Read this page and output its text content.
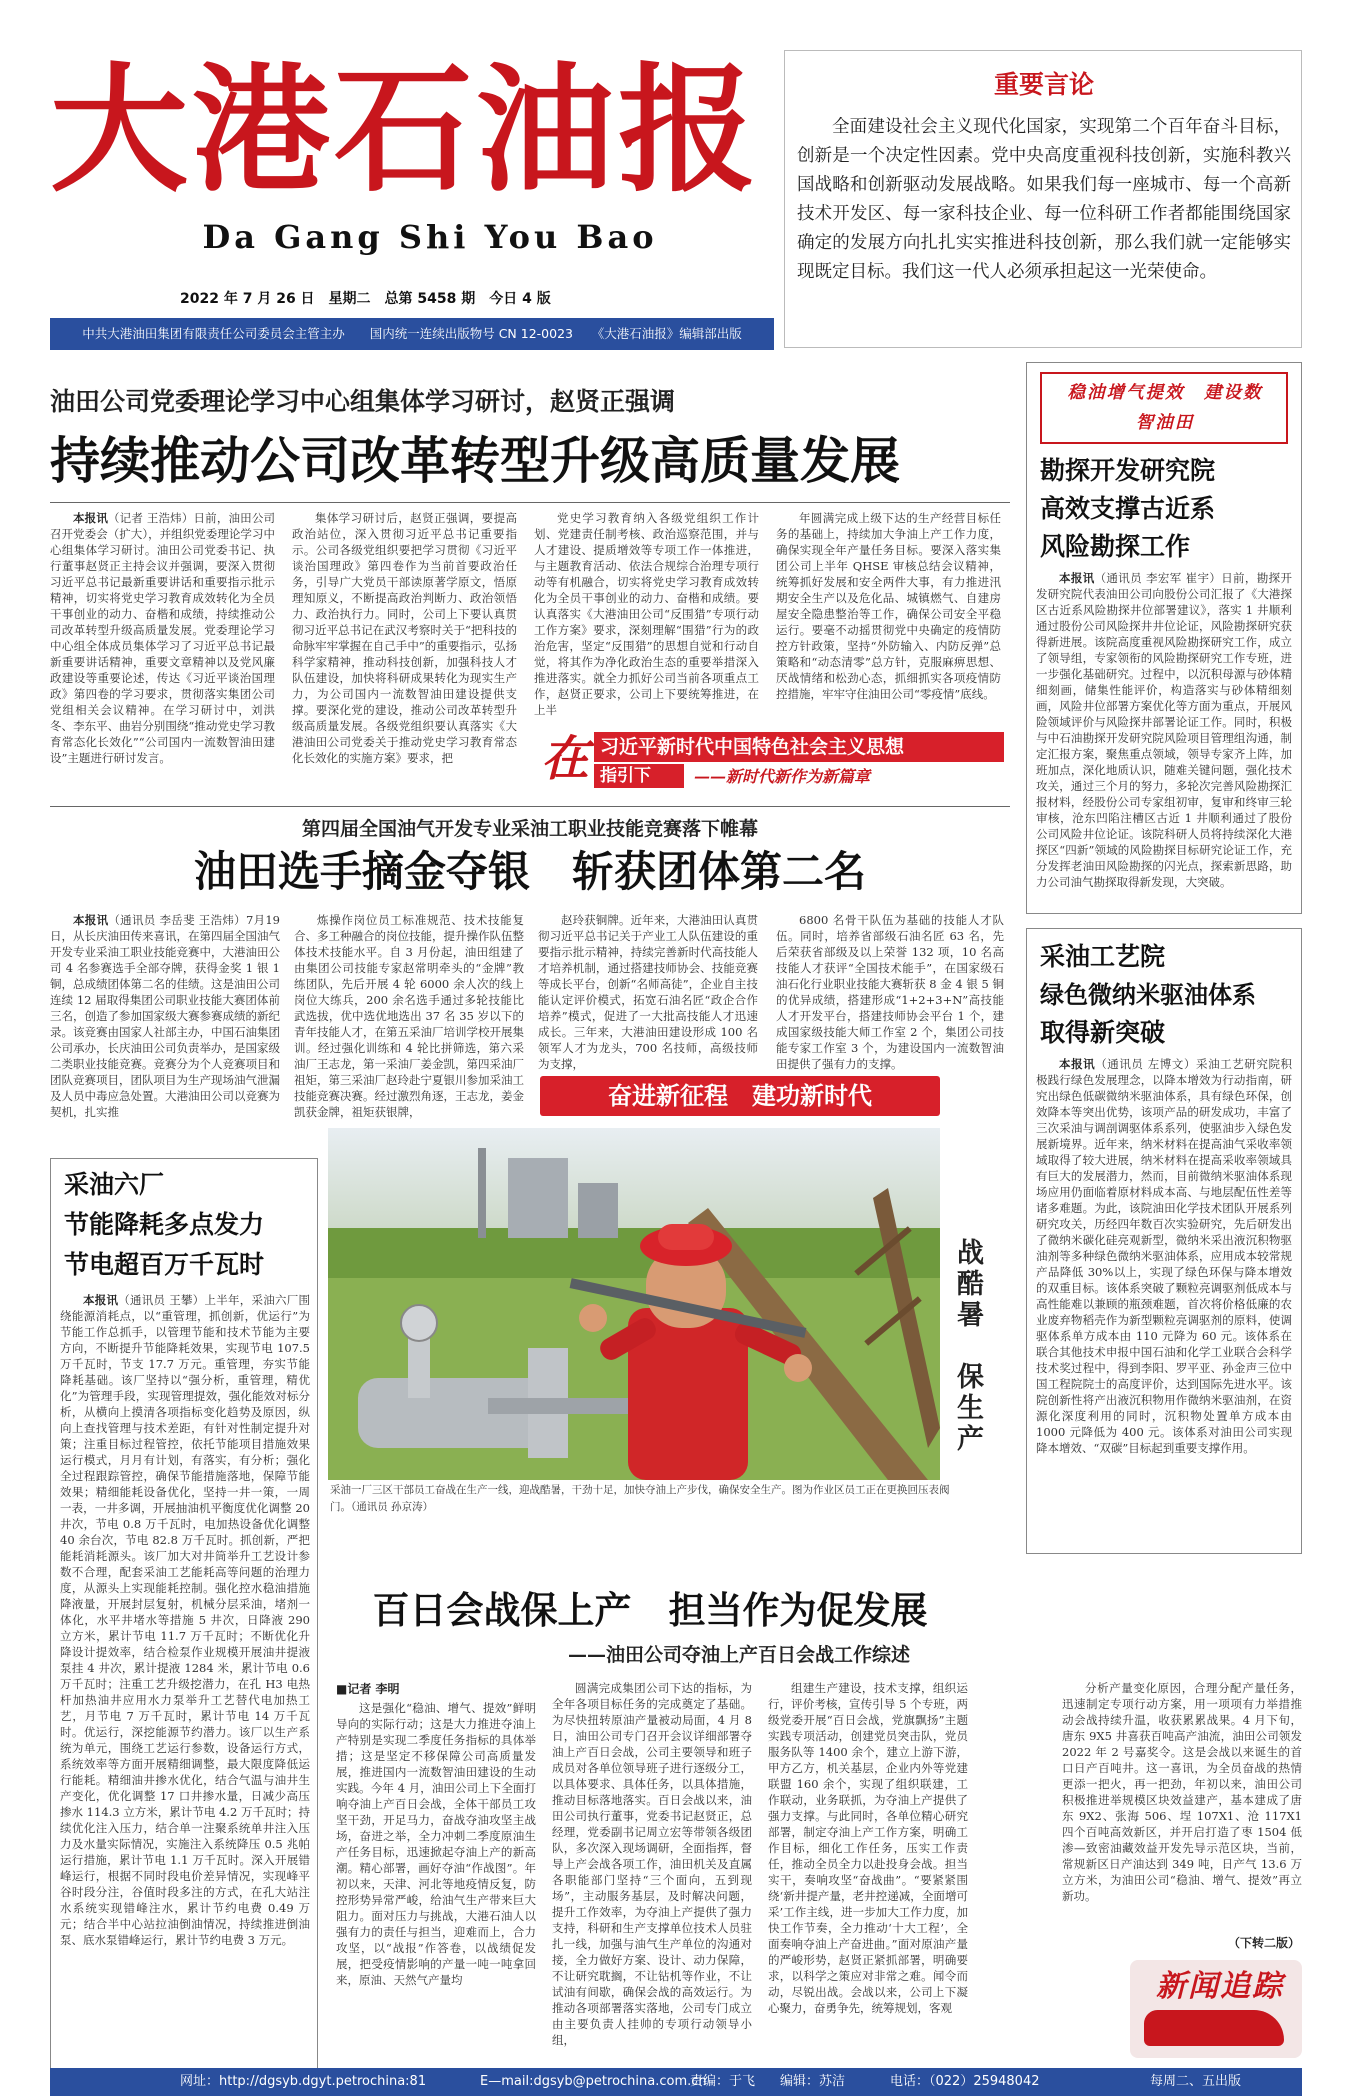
大港石油报
Da Gang Shi You Bao
2022 年 7 月 26 日　星期二　总第 5458 期　今日 4 版
中共大港油田集团有限责任公司委员会主管主办　　国内统一连续出版物号 CN 12-0023　　《大港石油报》编辑部出版
重要言论
全面建设社会主义现代化国家，实现第二个百年奋斗目标，创新是一个决定性因素。党中央高度重视科技创新，实施科教兴国战略和创新驱动发展战略。如果我们每一座城市、每一个高新技术开发区、每一家科技企业、每一位科研工作者都能围绕国家确定的发展方向扎扎实实推进科技创新，那么我们就一定能够实现既定目标。我们这一代人必须承担起这一光荣使命。
油田公司党委理论学习中心组集体学习研讨，赵贤正强调
持续推动公司改革转型升级高质量发展
本报讯（记者 王浩炜）日前，油田公司召开党委会（扩大），并组织党委理论学习中心组集体学习研讨。油田公司党委书记、执行董事赵贤正主持会议并强调，要深入贯彻习近平总书记最新重要讲话和重要指示批示精神，切实将党史学习教育成效转化为全员干事创业的动力、奋楷和成绩，持续推动公司改革转型升级高质量发展。党委理论学习中心组全体成员集体学习了习近平总书记最新重要讲话精神，重要文章精神以及党风廉政建设等重要论述，传达《习近平谈治国理政》第四卷的学习要求，贯彻落实集团公司党组相关会议精神。在学习研讨中，刘洪冬、李东平、曲岩分别围绕“推动党史学习教育常态化长效化”“公司国内一流数智油田建设”主题进行研讨发言。
集体学习研讨后，赵贤正强调，要提高政治站位，深入贯彻习近平总书记重要指示。公司各级党组织要把学习贯彻《习近平谈治国理政》第四卷作为当前首要政治任务，引导广大党员干部读原著学原文，悟原理知原义，不断提高政治判断力、政治领悟力、政治执行力。同时，公司上下要认真贯彻习近平总书记在武汉考察时关于“把科技的命脉牢牢掌握在自己手中”的重要指示，弘扬科学家精神，推动科技创新，加强科技人才队伍建设，加快将科研成果转化为现实生产力，为公司国内一流数智油田建设提供支撑。要深化党的建设，推动公司改革转型升级高质量发展。各级党组织要认真落实《大港油田公司党委关于推动党史学习教育常态化长效化的实施方案》要求，把
党史学习教育纳入各级党组织工作计划、党建责任制考核、政治巡察范围，并与人才建设、提质增效等专项工作一体推进，与主题教育活动、依法合规综合治理专项行动等有机融合，切实将党史学习教育成效转化为全员干事创业的动力、奋楷和成绩。要认真落实《大港油田公司“反围猎”专项行动工作方案》要求，深刻理解“围猎”行为的政治危害，坚定“反围猎”的思想自觉和行动自觉，将其作为净化政治生态的重要举措深入推进落实。就全力抓好公司当前各项重点工作，赵贤正要求，公司上下要统筹推进，在上半
年圆满完成上级下达的生产经营目标任务的基础上，持续加大争油上产工作力度，确保实现全年产量任务目标。要深入落实集团公司上半年 QHSE 审核总结会议精神，统筹抓好发展和安全两件大事，有力推进汛期安全生产以及危化品、城镇燃气、自建房屋安全隐患整治等工作，确保公司安全平稳运行。要毫不动摇贯彻党中央确定的疫情防控方针政策，坚持“外防输入、内防反弹”总策略和“动态清零”总方针，克服麻痹思想、厌战情绪和松劲心态，抓细抓实各项疫情防控措施，牢牢守住油田公司“零疫情”底线。
在 习近平新时代中国特色社会主义思想
指引下	——新时代新作为新篇章
第四届全国油气开发专业采油工职业技能竞赛落下帷幕
油田选手摘金夺银　斩获团体第二名
本报讯（通讯员 李岳斐 王浩炜）7月19日，从长庆油田传来喜讯，在第四届全国油气开发专业采油工职业技能竞赛中，大港油田公司 4 名参赛选手全部夺牌，获得金奖 1 银 1 铜，总成绩团体第二名的佳绩。这是油田公司连续 12 届取得集团公司职业技能大赛团体前三名，创造了参加国家级大赛参赛成绩的新纪录。该竞赛由国家人社部主办，中国石油集团公司承办，长庆油田公司负责举办，是国家级二类职业技能竞赛。竞赛分为个人竞赛项目和团队竞赛项目，团队项目为生产现场油气泄漏及人员中毒应急处置。大港油田公司以竞赛为契机，扎实推
炼操作岗位员工标准规范、技术技能复合、多工种融合的岗位技能，提升操作队伍整体技术技能水平。自 3 月份起，油田组建了由集团公司技能专家赵常明牵头的“金牌”教练团队，先后开展 4 轮 6000 余人次的线上岗位大练兵，200 余名选手通过多轮技能比武选拔，优中选优地选出 37 名 35 岁以下的青年技能人才，在第五采油厂培训学校开展集训。经过强化训练和 4 轮比拼筛选，第六采油厂王志龙，第一采油厂姜金凯，第四采油厂祖矩，第三采油厂赵玲赴宁夏银川参加采油工技能竞赛决赛。经过激烈角逐，王志龙，姜金凯获金牌，祖矩获银牌，
赵玲获铜牌。近年来，大港油田认真贯彻习近平总书记关于产业工人队伍建设的重要指示批示精神，持续完善新时代高技能人才培养机制，通过搭建技师协会、技能竞赛等成长平台，创新“名师高徒”，企业自主技能认定评价模式，拓宽石油名匠“政企合作培养”模式，促进了一大批高技能人才迅速成长。三年来，大港油田建设形成 100 名领军人才为龙头，700 名技师，高级技师为支撑，
6800 名骨干队伍为基础的技能人才队伍。同时，培养省部级石油名匠 63 名，先后荣获省部级及以上荣誉 132 项，10 名高技能人才获评“全国技术能手”，在国家级石油石化行业职业技能大赛斩获 8 金 4 银 5 铜的优异成绩，搭建形成“1+2+3+N”高技能人才开发平台，搭建技师协会平台 1 个，建成国家级技能大师工作室 2 个，集团公司技能专家工作室 3 个，为建设国内一流数智油田提供了强有力的支撑。
奋进新征程　建功新时代
战酷暑　保生产
采油一厂三区干部员工奋战在生产一线，迎战酷暑，干劲十足，加快夺油上产步伐，确保安全生产。图为作业区员工正在更换回压表阀门。（通讯员 孙京涛）
采油六厂
节能降耗多点发力
节电超百万千瓦时
本报讯（通讯员 王攀）上半年，采油六厂围绕能源消耗点，以“重管理，抓创新，优运行”为节能工作总抓手，以管理节能和技术节能为主要方向，不断提升节能降耗效果，实现节电 107.5 万千瓦时，节支 17.7 万元。重管理，夯实节能降耗基础。该厂坚持以“强分析，重管理，精优化”为管理手段，实现管理提效，强化能效对标分析，从横向上摸清各项指标变化趋势及原因，纵向上查找管理与技术差距，有针对性制定提升对策；注重目标过程管控，依托节能项目措施效果运行模式，月月有计划，有落实，有分析；强化全过程跟踪管控，确保节能措施落地，保障节能效果；精细能耗设备优化，坚持一井一策，一周一表，一井多调，开展抽油机平衡度优化调整 20 井次，节电 0.8 万千瓦时，电加热设备优化调整 40 余台次，节电 82.8 万千瓦时。抓创新，严把能耗消耗源头。该厂加大对井筒举升工艺设计参数不合理，配套采油工艺能耗高等问题的治理力度，从源头上实现能耗控制。强化控水稳油措施降液量，开展封层复射，机械分层采油，堵剂一体化，水平井堵水等措施 5 井次，日降液 290 立方米，累计节电 11.7 万千瓦时；不断优化升降设计提效率，结合检泵作业规模开展油井提液泵挂 4 井次，累计提液 1284 米，累计节电 0.6 万千瓦时；注重工艺升级挖潜力，在孔 H3 电热杆加热油井应用水力泵举升工艺替代电加热工艺，月节电 7 万千瓦时，累计节电 14 万千瓦时。优运行，深挖能源节约潜力。该厂以生产系统为单元，围绕工艺运行参数，设备运行方式，系统效率等方面开展精细调整，最大限度降低运行能耗。精细油井掺水优化，结合气温与油井生产变化，优化调整 17 口井掺水量，日减少高压掺水 114.3 立方米，累计节电 4.2 万千瓦时；持续优化注入压力，结合单一注聚系统单井注入压力及水量实际情况，实施注入系统降压 0.5 兆帕运行措施，累计节电 1.1 万千瓦时。深入开展错峰运行，根据不同时段电价差异情况，实现峰平谷时段分注，谷值时段多注的方式，在孔大站注水系统实现错峰注水，累计节约电费 0.49 万元；结合半中心站拉油倒油情况，持续推进倒油泵、底水泵错峰运行，累计节约电费 3 万元。
百日会战保上产　担当作为促发展
——油田公司夺油上产百日会战工作综述
■记者 李明
这是强化“稳油、增气、提效”鲜明导向的实际行动；这是大力推进夺油上产特别是实现二季度任务指标的具体举措；这是坚定不移保障公司高质量发展，推进国内一流数智油田建设的生动实践。今年 4 月，油田公司上下全面打响夺油上产百日会战，全体干部员工攻坚干劲，开足马力，奋战夺油攻坚主战场，奋进之举，全力冲刺二季度原油生产任务目标，迅速掀起夺油上产的新高潮。精心部署，画好夺油“作战图”。年初以来，天津、河北等地疫情反复，防控形势异常严峻，给油气生产带来巨大阻力。面对压力与挑战，大港石油人以强有力的责任与担当，迎难而上，合力攻坚，以“战报”作答卷，以战绩促发展，把受疫情影响的产量一吨一吨拿回来，原油、天然气产量均
圆满完成集团公司下达的指标，为全年各项目标任务的完成奠定了基础。为尽快扭转原油产量被动局面，4 月 8 日，油田公司专门召开会议详细部署夺油上产百日会战，公司主要领导和班子成员对各单位领导班子进行逐级分工，以具体要求、具体任务，以具体措施，推动目标落地落实。百日会战以来，油田公司执行董事，党委书记赵贤正，总经理，党委副书记周立宏等带领各级团队，多次深入现场调研，全面指挥，督导上产会战各项工作，油田机关及直属各职能部门坚持“三个面向，五到现场”，主动服务基层，及时解决问题，提升工作效率，为夺油上产提供了强力支持，科研和生产支撑单位技术人员驻扎一线，加强与油气生产单位的沟通对接，全力做好方案、设计、动力保障，不让研究耽搁，不让钻机等作业，不让试油有间歇，确保会战的高效运行。为推动各项部署落实落地，公司专门成立由主要负责人挂帅的专项行动领导小组，
组建生产建设，技术支撑，组织运行，评价考核，宣传引导 5 个专班，两级党委开展“百日会战，党旗飘扬”主题实践专项活动，创建党员突击队，党员服务队等 1400 余个，建立上游下游，甲方乙方，机关基层，企业内外等党建联盟 160 余个，实现了组织联建，工作联动，业务联抓，为夺油上产提供了强力支撑。与此同时，各单位精心研究部署，制定夺油上产工作方案，明确工作目标，细化工作任务，压实工作责任，推动全员全力以赴投身会战。担当实干，奏响攻坚“奋战曲”。“要紧紧围绕‘新井提产量，老井控递减，全面增可采’工作主线，进一步加大工作力度，加快工作节奏，全力推动‘十大工程’，全面奏响夺油上产奋进曲。”面对原油产量的严峻形势，赵贤正紧抓部署，明确要求，以科学之策应对非常之难。闻令而动，尽锐出战。会战以来，公司上下凝心聚力，奋勇争先，统筹规划，客观
稳油增气提效　建设数智油田
勘探开发研究院
高效支撑古近系
风险勘探工作
本报讯（通讯员 李宏军 崔宇）日前，勘探开发研究院代表油田公司向股份公司汇报了《大港探区古近系风险勘探井位部署建议》，落实 1 井顺利通过股份公司风险探井井位论证，风险勘探研究获得新进展。该院高度重视风险勘探研究工作，成立了领导组，专家领衔的风险勘探研究工作专班，进一步强化基础研究。过程中，以沉积母源与砂体精细刻画，储集性能评价，构造落实与砂体精细刻画，风险井位部署方案优化等方面为重点，开展风险领域评价与风险探井部署论证工作。同时，积极与中石油勘探开发研究院风险项目管理组沟通，制定汇报方案，聚焦重点领域，领导专家齐上阵，加班加点，深化地质认识，随难关键问题，强化技术攻关，通过三个月的努力，多轮次完善风险勘探汇报材料，经股份公司专家组初审，复审和终审三轮审核，沧东凹陷注槽区古近 1 井顺利通过了股份公司风险井位论证。该院科研人员将持续深化大港探区“四新”领域的风险勘探目标研究论证工作，充分发挥老油田风险勘探的闪光点，探索新思路，助力公司油气勘探取得新发现，大突破。
采油工艺院
绿色微纳米驱油体系
取得新突破
本报讯（通讯员 左博文）采油工艺研究院积极践行绿色发展理念，以降本增效为行动指南，研究出绿色低碳微纳米驱油体系，具有绿色环保，创效降本等突出优势，该项产品的研发成功，丰富了三次采油与调剖调驱体系系列，使驱油步入绿色发展新境界。近年来，纳米材料在提高油气采收率领域取得了较大进展，纳米材料在提高采收率领域具有巨大的发展潜力，然而，目前微纳米驱油体系现场应用仍面临着原材料成本高、与地层配伍性差等诸多难题。为此，该院油田化学技术团队开展系列研究攻关，历经四年数百次实验研究，先后研发出了微纳米碳化硅亮观新型，微纳米采出液沉积物驱油剂等多种绿色微纳米驱油体系，应用成本较常规产品降低 30%以上，实现了绿色环保与降本增效的双重目标。该体系突破了颗粒亮调驱剂低成本与高性能难以兼顾的瓶颈难题，首次将价格低廉的农业废弃物稻壳作为新型颗粒亮调驱剂的原料，使调驱体系单方成本由 110 元降为 60 元。该体系在联合其他技术申报中国石油和化学工业联合会科学技术奖过程中，得到李阳、罗平亚、孙金声三位中国工程院院士的高度评价，达到国际先进水平。该院创新性将产出液沉积物用作微纳米驱油剂，在资源化深度利用的同时，沉积物处置单方成本由 1000 元降低为 400 元。该体系对油田公司实现降本增效、“双碳”目标起到重要支撑作用。
分析产量变化原因，合理分配产量任务，迅速制定专项行动方案，用一项项有力举措推动会战持续升温，收获累累战果。4 月下旬，唐东 9X5 井喜获百吨高产油流，油田公司领发 2022 年 2 号嘉奖令。这是会战以来诞生的首口日产百吨井。这一喜讯，为全员奋战的热情更添一把火，再一把劲，年初以来，油田公司积极推进举规模区块效益建产，基本建成了唐东 9X2、张海 506、埕 107X1、沧 117X1 四个百吨高效新区，并开启打造了枣 1504 低渗—致密油藏效益开发先导示范区块，当前，常规新区日产油达到 349 吨，日产气 13.6 万立方米，为油田公司“稳油、增气、提效”再立新功。
（下转二版）
新闻追踪
网址：http://dgsyb.dgyt.petrochina:81	E—mail:dgsyb@petrochina.com.cn
责编：于飞 编辑：苏洁	电话：（022）25948042	每周二、五出版
